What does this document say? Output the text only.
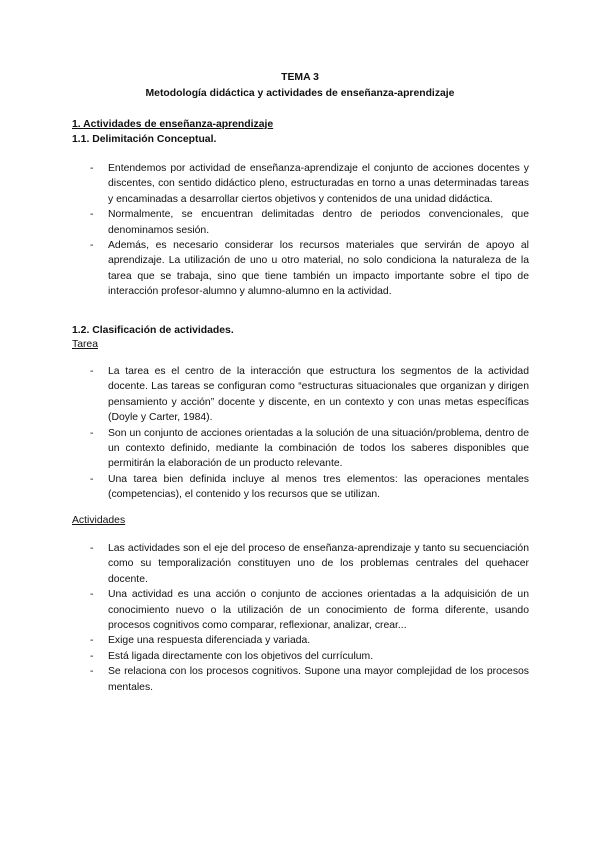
TEMA 3
Metodología didáctica y actividades de enseñanza-aprendizaje
1. Actividades de enseñanza-aprendizaje
1.1. Delimitación Conceptual.
- Entendemos por actividad de enseñanza-aprendizaje el conjunto de acciones docentes y discentes, con sentido didáctico pleno, estructuradas en torno a unas determinadas tareas y encaminadas a desarrollar ciertos objetivos y contenidos de una unidad didáctica.
- Normalmente, se encuentran delimitadas dentro de periodos convencionales, que denominamos sesión.
- Además, es necesario considerar los recursos materiales que servirán de apoyo al aprendizaje. La utilización de uno u otro material, no solo condiciona la naturaleza de la tarea que se trabaja, sino que tiene también un impacto importante sobre el tipo de interacción profesor-alumno y alumno-alumno en la actividad.
1.2. Clasificación de actividades.
Tarea
- La tarea es el centro de la interacción que estructura los segmentos de la actividad docente. Las tareas se configuran como “estructuras situacionales que organizan y dirigen pensamiento y acción” docente y discente, en un contexto y con unas metas específicas (Doyle y Carter, 1984).
- Son un conjunto de acciones orientadas a la solución de una situación/problema, dentro de un contexto definido, mediante la combinación de todos los saberes disponibles que permitirán la elaboración de un producto relevante.
- Una tarea bien definida incluye al menos tres elementos: las operaciones mentales (competencias), el contenido y los recursos que se utilizan.
Actividades
- Las actividades son el eje del proceso de enseñanza-aprendizaje y tanto su secuenciación como su temporalización constituyen uno de los problemas centrales del quehacer docente.
- Una actividad es una acción o conjunto de acciones orientadas a la adquisición de un conocimiento nuevo o la utilización de un conocimiento de forma diferente, usando procesos cognitivos como comparar, reflexionar, analizar, crear...
- Exige una respuesta diferenciada y variada.
- Está ligada directamente con los objetivos del currículum.
- Se relaciona con los procesos cognitivos. Supone una mayor complejidad de los procesos mentales.
